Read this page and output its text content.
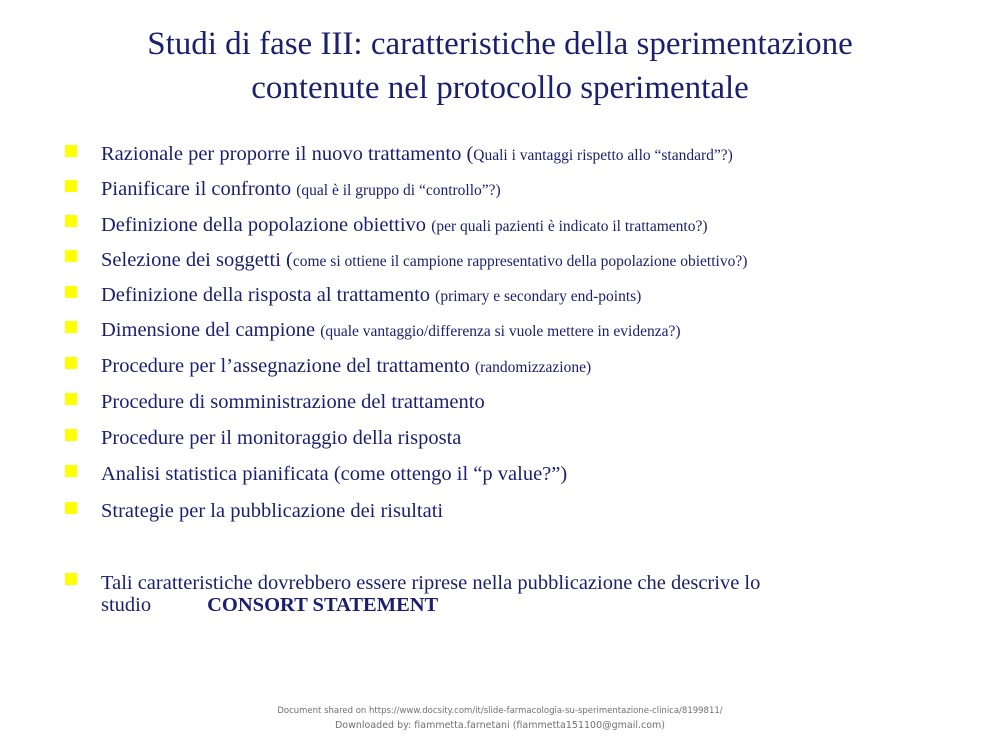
Studi di fase III: caratteristiche della sperimentazione
contenute nel protocollo sperimentale
Razionale per proporre il nuovo trattamento (Quali i vantaggi rispetto allo “standard”?)
Pianificare il confronto (qual è il gruppo di “controllo”?)
Definizione della popolazione obiettivo (per quali pazienti è indicato il trattamento?)
Selezione dei soggetti (come si ottiene il campione rappresentativo della popolazione obiettivo?)
Definizione della risposta al trattamento (primary e secondary end-points)
Dimensione del campione (quale vantaggio/differenza si vuole mettere in evidenza?)
Procedure per l’assegnazione del trattamento (randomizzazione)
Procedure di somministrazione del trattamento
Procedure per il monitoraggio della risposta
Analisi statistica pianificata (come ottengo il “p value?”)
Strategie per la pubblicazione dei risultati
Tali caratteristiche dovrebbero essere riprese nella pubblicazione che descrive lo studio	CONSORT STATEMENT
Document shared on https://www.docsity.com/it/slide-farmacologia-su-sperimentazione-clinica/8199811/
Downloaded by: fiammetta.farnetani (fiammetta151100@gmail.com)
